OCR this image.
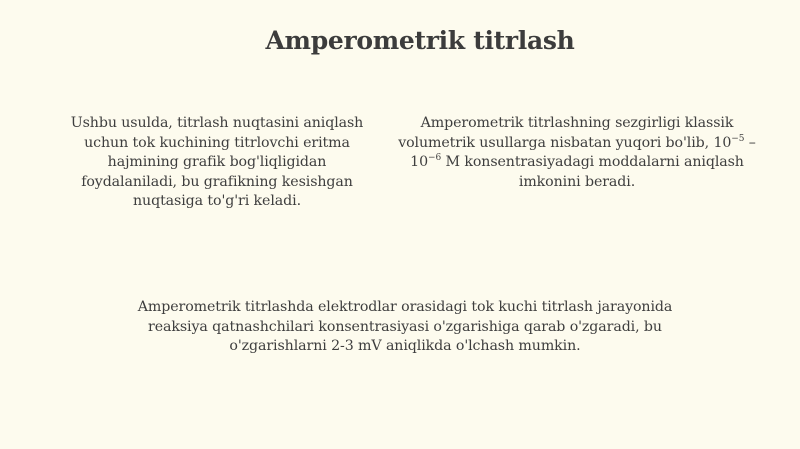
Amperometrik titrlash

Ushbu usulda, titrlash nuqtasini aniqlash uchun tok kuchining titrlovchi eritma hajmining grafik bog'liqligidan foydalaniladi, bu grafikning kesishgan nuqtasiga to'g'ri keladi.

Amperometrik titrlashning sezgirligi klassik volumetrik usullarga nisbatan yuqori bo'lib, $10^{-5} - 10^{-6}$ M konsentrasiyadagi moddalarni aniqlash imkonini beradi.

Amperometrik titrlashda elektrodlar orasidagi tok kuchi titrlash jarayonida reaksiya qatnashchilari konsentrasiyasi o'zgarishiga qarab o'zgaradi, bu o'zgarishlarni 2-3 mV aniqlikda o'lchash mumkin.
